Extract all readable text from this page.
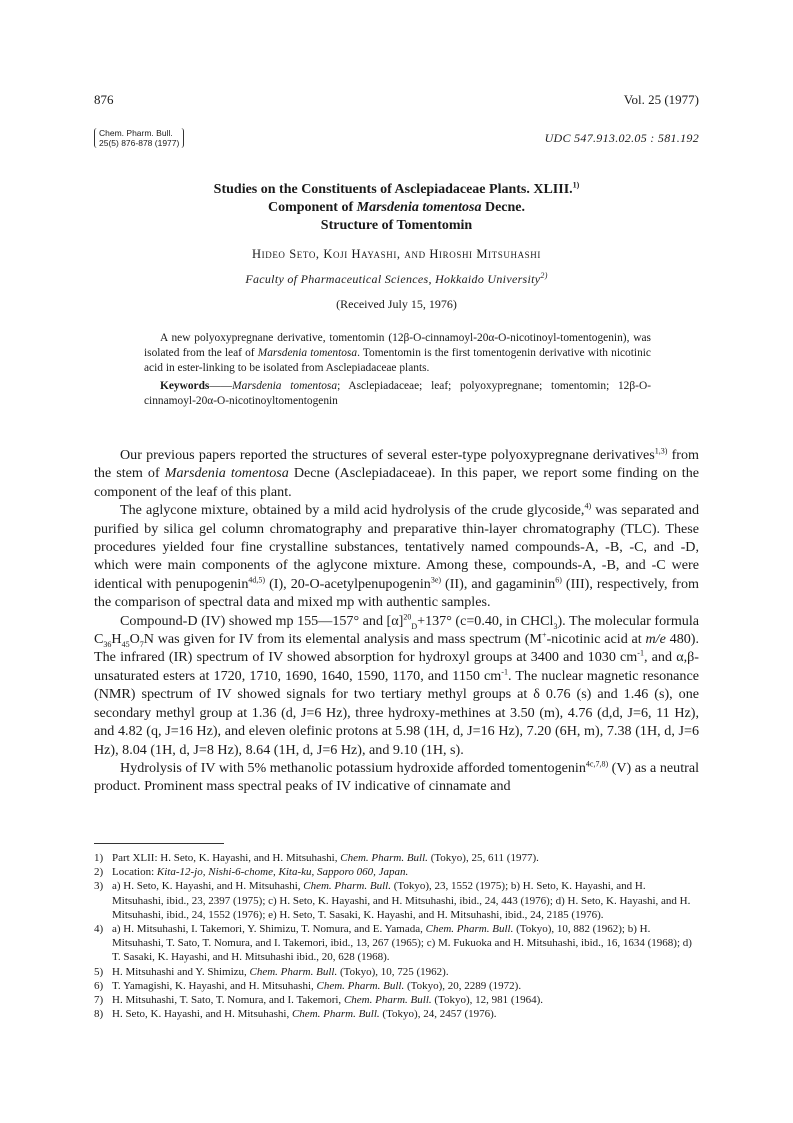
876	Vol. 25 (1977)
Chem. Pharm. Bull.
25(5) 876-878 (1977)	UDC 547.913.02.05 : 581.192
Studies on the Constituents of Asclepiadaceae Plants. XLIII.$^{1)}$
Component of Marsdenia tomentosa Decne.
Structure of Tomentomin
Hideo Seto, Koji Hayashi, and Hiroshi Mitsuhashi
Faculty of Pharmaceutical Sciences, Hokkaido University$^{2)}$
(Received July 15, 1976)

A new polyoxypregnane derivative, tomentomin (12β-O-cinnamoyl-20α-O-nicotinoyl-tomentogenin), was isolated from the leaf of Marsdenia tomentosa. Tomentomin is the first tomentogenin derivative with nicotinic acid in ester-linking to be isolated from Asclepiadaceae plants.

Keywords——Marsdenia tomentosa; Asclepiadaceae; leaf; polyoxypregnane; tomentomin; 12β-O-cinnamoyl-20α-O-nicotinoyltomentogenin

Our previous papers reported the structures of several ester-type polyoxypregnane derivatives$^{1,3)}$ from the stem of Marsdenia tomentosa Decne (Asclepiadaceae). In this paper, we report some finding on the component of the leaf of this plant.

The aglycone mixture, obtained by a mild acid hydrolysis of the crude glycoside,$^{4)}$ was separated and purified by silica gel column chromatography and preparative thin-layer chromatography (TLC). These procedures yielded four fine crystalline substances, tentatively named compounds-A, -B, -C, and -D, which were main components of the aglycone mixture. Among these, compounds-A, -B, and -C were identical with penupogenin$^{4d,5)}$ (I), 20-O-acetylpenupogenin$^{3e)}$ (II), and gagaminin$^{6)}$ (III), respectively, from the comparison of spectral data and mixed mp with authentic samples.

Compound-D (IV) showed mp 155—157° and $[\alpha]^{20}_D+137^\circ$ (c=0.40, in CHCl$_3$). The molecular formula $C_{36}H_{45}O_7N$ was given for IV from its elemental analysis and mass spectrum (M+-nicotinic acid at m/e 480). The infrared (IR) spectrum of IV showed absorption for hydroxyl groups at 3400 and 1030 $cm^{-1}$, and α,β-unsaturated esters at 1720, 1710, 1690, 1640, 1590, 1170, and 1150 $cm^{-1}$. The nuclear magnetic resonance (NMR) spectrum of IV showed signals for two tertiary methyl groups at δ 0.76 (s) and 1.46 (s), one secondary methyl group at 1.36 (d, J=6 Hz), three hydroxy-methines at 3.50 (m), 4.76 (d,d, J=6, 11 Hz), and 4.82 (q, J=16 Hz), and eleven olefinic protons at 5.98 (1H, d, J=16 Hz), 7.20 (6H, m), 7.38 (1H, d, J=6 Hz), 8.04 (1H, d, J=8 Hz), 8.64 (1H, d, J=6 Hz), and 9.10 (1H, s).

Hydrolysis of IV with 5% methanolic potassium hydroxide afforded tomentogenin$^{4c,7,8)}$ (V) as a neutral product. Prominent mass spectral peaks of IV indicative of cinnamate and

1) Part XLII: H. Seto, K. Hayashi, and H. Mitsuhashi, Chem. Pharm. Bull. (Tokyo), 25, 611 (1977).
2) Location: Kita-12-jo, Nishi-6-chome, Kita-ku, Sapporo 060, Japan.
3) a) H. Seto, K. Hayashi, and H. Mitsuhashi, Chem. Pharm. Bull. (Tokyo), 23, 1552 (1975); b) H. Seto, K. Hayashi, and H. Mitsuhashi, ibid., 23, 2397 (1975); c) H. Seto, K. Hayashi, and H. Mitsuhashi, ibid., 24, 443 (1976); d) H. Seto, K. Hayashi, and H. Mitsuhashi, ibid., 24, 1552 (1976); e) H. Seto, T. Sasaki, K. Hayashi, and H. Mitsuhashi, ibid., 24, 2185 (1976).
4) a) H. Mitsuhashi, I. Takemori, Y. Shimizu, T. Nomura, and E. Yamada, Chem. Pharm. Bull. (Tokyo), 10, 882 (1962); b) H. Mitsuhashi, T. Sato, T. Nomura, and I. Takemori, ibid., 13, 267 (1965); c) M. Fukuoka and H. Mitsuhashi, ibid., 16, 1634 (1968); d) T. Sasaki, K. Hayashi, and H. Mitsuhashi ibid., 20, 628 (1968).
5) H. Mitsuhashi and Y. Shimizu, Chem. Pharm. Bull. (Tokyo), 10, 725 (1962).
6) T. Yamagishi, K. Hayashi, and H. Mitsuhashi, Chem. Pharm. Bull. (Tokyo), 20, 2289 (1972).
7) H. Mitsuhashi, T. Sato, T. Nomura, and I. Takemori, Chem. Pharm. Bull. (Tokyo), 12, 981 (1964).
8) H. Seto, K. Hayashi, and H. Mitsuhashi, Chem. Pharm. Bull. (Tokyo), 24, 2457 (1976).
